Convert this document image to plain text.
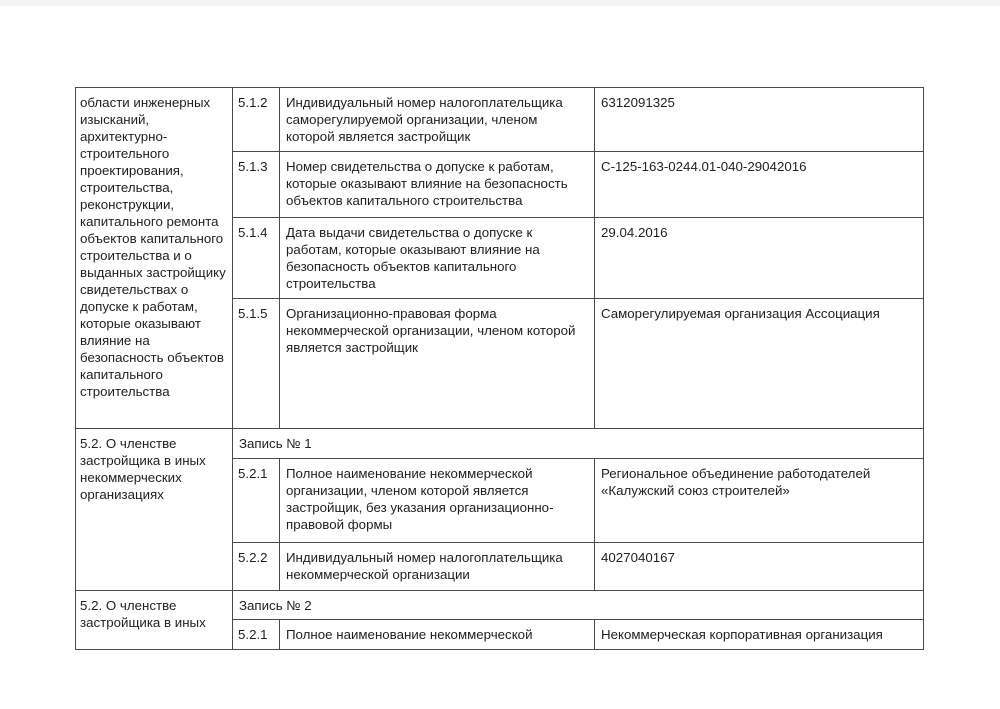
области инженерных изысканий, архитектурно-строительного проектирования, строительства, реконструкции, капитального ремонта объектов капитального строительства и о выданных застройщику свидетельствах о допуске к работам, которые оказывают влияние на безопасность объектов капитального строительства	5.1.2	Индивидуальный номер налогоплательщика саморегулируемой организации, членом которой является застройщик	6312091325
	5.1.3	Номер свидетельства о допуске к работам, которые оказывают влияние на безопасность объектов капитального строительства	С-125-163-0244.01-040-29042016
	5.1.4	Дата выдачи свидетельства о допуске к работам, которые оказывают влияние на безопасность объектов капитального строительства	29.04.2016
	5.1.5	Организационно-правовая форма некоммерческой организации, членом которой является застройщик	Саморегулируемая организация Ассоциация
5.2. О членстве застройщика в иных некоммерческих организациях	Запись № 1		
	5.2.1	Полное наименование некоммерческой организации, членом которой является застройщик, без указания организационно-правовой формы	Региональное объединение работодателей «Калужский союз строителей»
	5.2.2	Индивидуальный номер налогоплательщика некоммерческой организации	4027040167
5.2. О членстве застройщика в иных	Запись № 2		
	5.2.1	Полное наименование некоммерческой	Некоммерческая корпоративная организация
